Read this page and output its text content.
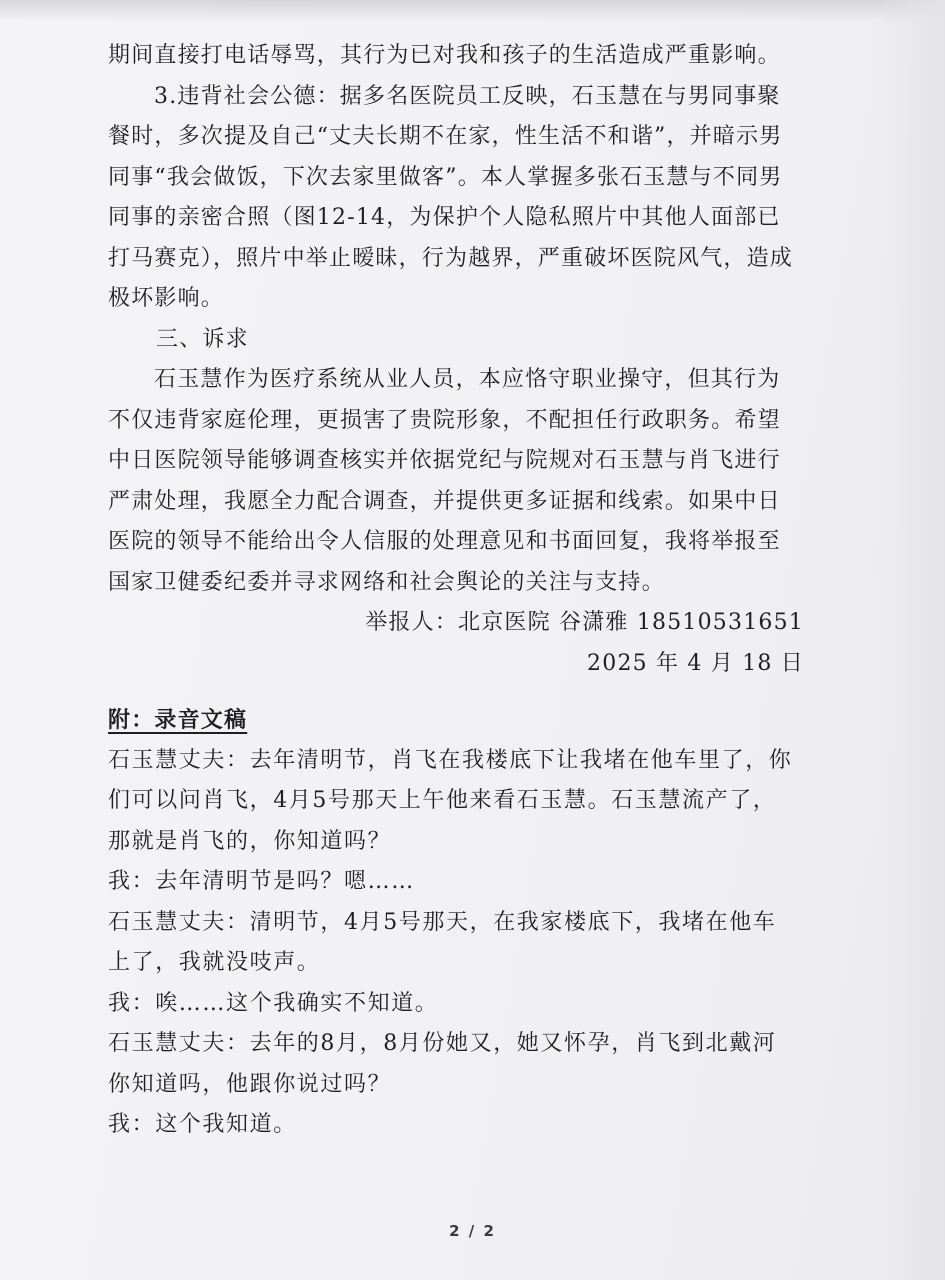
期间直接打电话辱骂，其行为已对我和孩子的生活造成严重影响。
3.违背社会公德：据多名医院员工反映，石玉慧在与男同事聚
餐时，多次提及自己“丈夫长期不在家，性生活不和谐”，并暗示男
同事“我会做饭，下次去家里做客”。本人掌握多张石玉慧与不同男
同事的亲密合照（图12-14，为保护个人隐私照片中其他人面部已
打马赛克），照片中举止暧昧，行为越界，严重破坏医院风气，造成
极坏影响。
三、诉求
石玉慧作为医疗系统从业人员，本应恪守职业操守，但其行为
不仅违背家庭伦理，更损害了贵院形象，不配担任行政职务。希望
中日医院领导能够调查核实并依据党纪与院规对石玉慧与肖飞进行
严肃处理，我愿全力配合调查，并提供更多证据和线索。如果中日
医院的领导不能给出令人信服的处理意见和书面回复，我将举报至
国家卫健委纪委并寻求网络和社会舆论的关注与支持。
举报人：北京医院 谷潇雅 18510531651
2025 年 4 月 18 日
附：录音文稿
石玉慧丈夫：去年清明节，肖飞在我楼底下让我堵在他车里了，你
们可以问肖飞，4月5号那天上午他来看石玉慧。石玉慧流产了，
那就是肖飞的，你知道吗？
我：去年清明节是吗？嗯……
石玉慧丈夫：清明节，4月5号那天，在我家楼底下，我堵在他车
上了，我就没吱声。
我：唉……这个我确实不知道。
石玉慧丈夫：去年的8月，8月份她又，她又怀孕，肖飞到北戴河
你知道吗，他跟你说过吗？
我：这个我知道。
2 / 2
